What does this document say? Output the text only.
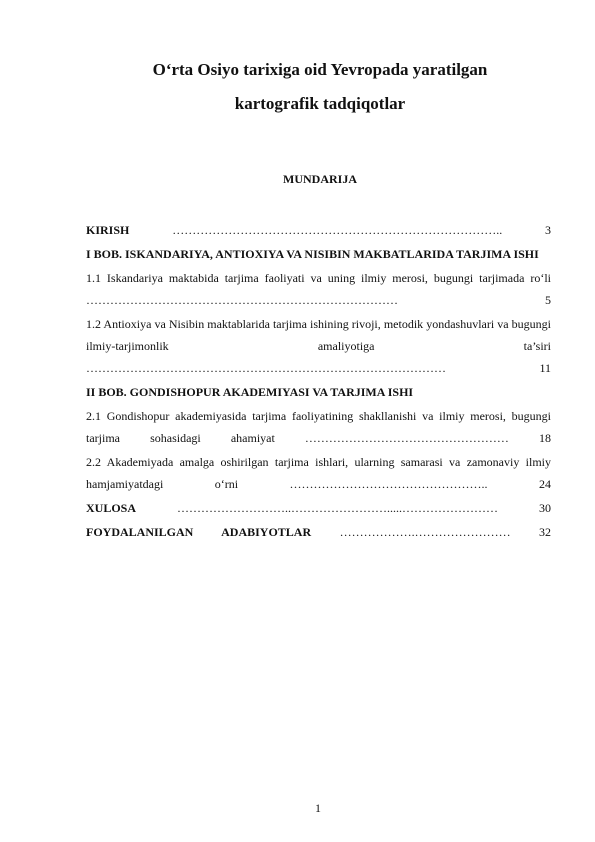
O‘rta Osiyo tarixiga oid Yevropada yaratilgan
kartografik tadqiqotlar
MUNDARIJA
KIRISH	……………………………………………………………………….. 3
I BOB. ISKANDARIYA, ANTIOXIYA VA NISIBIN MAKBATLARIDA TARJIMA ISHI
1.1 Iskandariya maktabida tarjima faoliyati va uning ilmiy merosi, bugungi tarjimada ro‘li …………………………………………………………………… 5
1.2 Antioxiya va Nisibin maktablarida tarjima ishining rivoji, metodik yondashuvlari va bugungi ilmiy-tarjimonlik amaliyotiga ta’siri ……………………………………………………………………………… 11
II BOB. GONDISHOPUR AKADEMIYASI VA TARJIMA ISHI
2.1 Gondishopur akademiyasida tarjima faoliyatining shakllanishi va ilmiy merosi, bugungi tarjima sohasidagi ahamiyat	…………………………………………… 18
2.2 Akademiyada amalga oshirilgan tarjima ishlari, ularning samarasi va zamonaviy ilmiy hamjamiyatdagi o‘rni	………………………………………….. 24
XULOSA	………………………..…………………….....…………………… 30
FOYDALANILGAN ADABIYOTLAR ……………….…………………… 32
1
